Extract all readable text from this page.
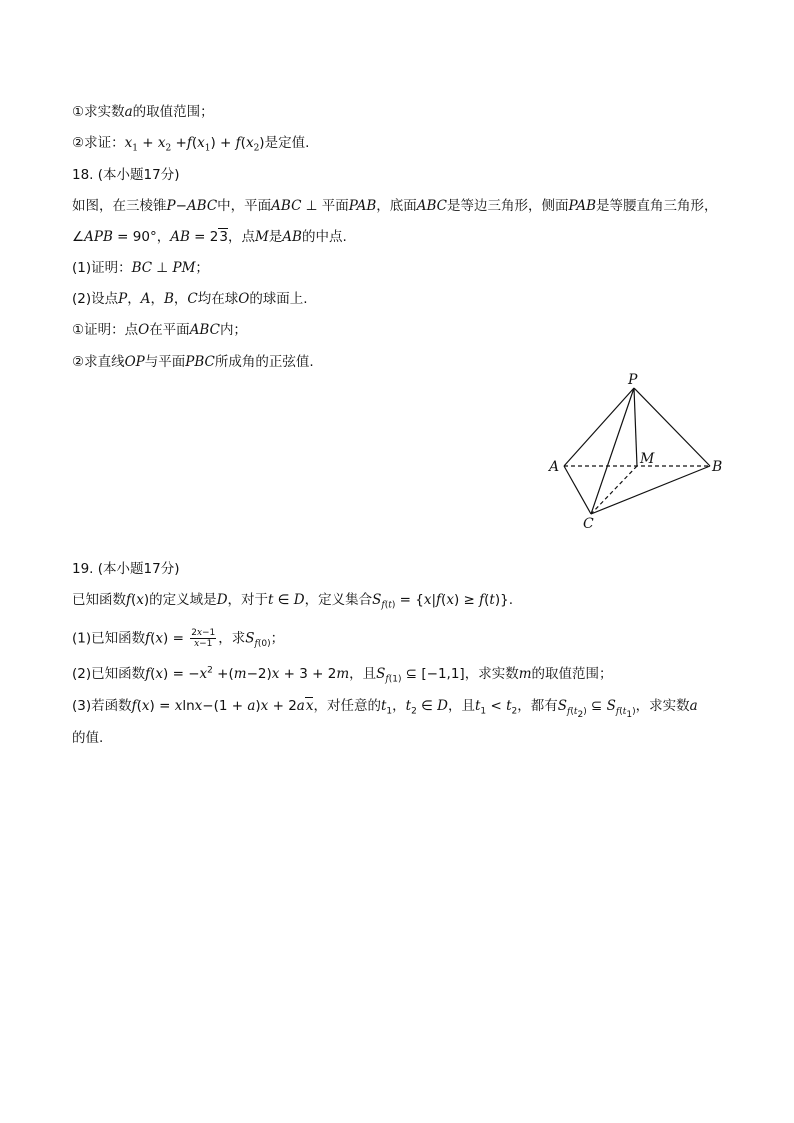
①求实数a的取值范围；
②求证：$x_1 + x_2 +f(x_1) + f(x_2)$是定值.
18. (本小题17分)
如图，在三棱锥P−ABC中，平面ABC ⊥ 平面PAB，底面ABC是等边三角形，侧面PAB是等腰直角三角形，
∠APB = 90°，AB = 23，点M是AB的中点.
(1)证明：BC ⊥ PM；
(2)设点P，A，B，C均在球O的球面上.
①证明：点O在平面ABC内；
②求直线OP与平面PBC所成角的正弦值.
P
A	B
C
M
19. (本小题17分)
已知函数f(x)的定义域是D，对于t ∈ D，定义集合$S_{f(t)} = \{x|f(x) \ge f(t)\}$.
(1)已知函数$f(x) = \frac{2x-1}{x-1}$ ，求$S_{f(0)}$；
(2)已知函数$f(x) = -x^2 +(m-2)x + 3 + 2m$，且$S_{f(1)}$ ⊆ [−1,1]，求实数m的取值范围；
(3)若函数f(x) = xlnx−(1 + a)x + 2ax，对任意的$t_1$，$t_2$ ∈ D，且$t_1 < t_2$，都有$S_{f(t_2)}$ ⊆ $S_{f(t_1)}$，求实数a
的值.
